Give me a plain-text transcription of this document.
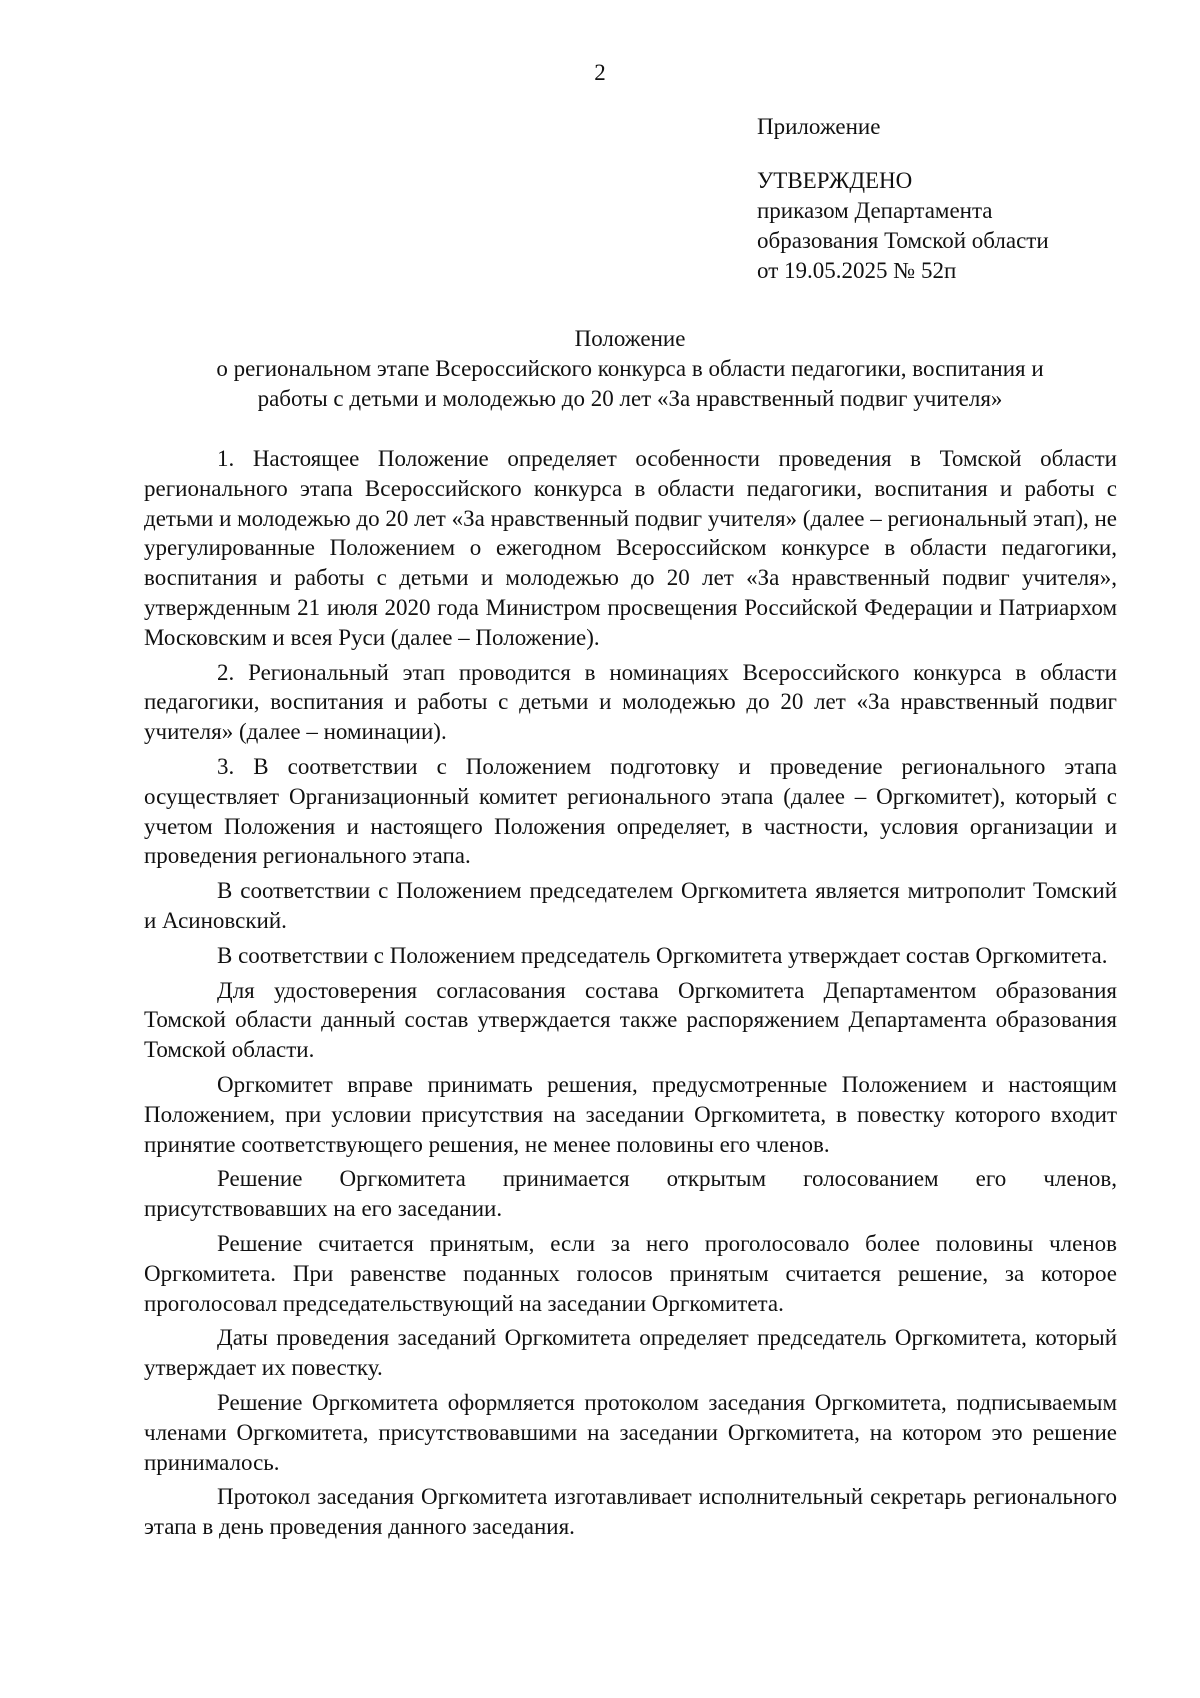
2
Приложение
УТВЕРЖДЕНО
приказом Департамента
образования Томской области
от 19.05.2025 № 52п
Положение
о региональном этапе Всероссийского конкурса в области педагогики, воспитания и
работы с детьми и молодежью до 20 лет «За нравственный подвиг учителя»

1. Настоящее Положение определяет особенности проведения в Томской области регионального этапа Всероссийского конкурса в области педагогики, воспитания и работы с детьми и молодежью до 20 лет «За нравственный подвиг учителя» (далее – региональный этап), не урегулированные Положением о ежегодном Всероссийском конкурсе в области педагогики, воспитания и работы с детьми и молодежью до 20 лет «За нравственный подвиг учителя», утвержденным 21 июля 2020 года Министром просвещения Российской Федерации и Патриархом Московским и всея Руси (далее – Положение).

2. Региональный этап проводится в номинациях Всероссийского конкурса в области педагогики, воспитания и работы с детьми и молодежью до 20 лет «За нравственный подвиг учителя» (далее – номинации).

3. В соответствии с Положением подготовку и проведение регионального этапа осуществляет Организационный комитет регионального этапа (далее – Оргкомитет), который с учетом Положения и настоящего Положения определяет, в частности, условия организации и проведения регионального этапа.

В соответствии с Положением председателем Оргкомитета является митрополит Томский и Асиновский.

В соответствии с Положением председатель Оргкомитета утверждает состав Оргкомитета.

Для удостоверения согласования состава Оргкомитета Департаментом образования Томской области данный состав утверждается также распоряжением Департамента образования Томской области.

Оргкомитет вправе принимать решения, предусмотренные Положением и настоящим Положением, при условии присутствия на заседании Оргкомитета, в повестку которого входит принятие соответствующего решения, не менее половины его членов.

Решение Оргкомитета принимается открытым голосованием его членов, присутствовавших на его заседании.

Решение считается принятым, если за него проголосовало более половины членов Оргкомитета. При равенстве поданных голосов принятым считается решение, за которое проголосовал председательствующий на заседании Оргкомитета.

Даты проведения заседаний Оргкомитета определяет председатель Оргкомитета, который утверждает их повестку.

Решение Оргкомитета оформляется протоколом заседания Оргкомитета, подписываемым членами Оргкомитета, присутствовавшими на заседании Оргкомитета, на котором это решение принималось.

Протокол заседания Оргкомитета изготавливает исполнительный секретарь регионального этапа в день проведения данного заседания.
